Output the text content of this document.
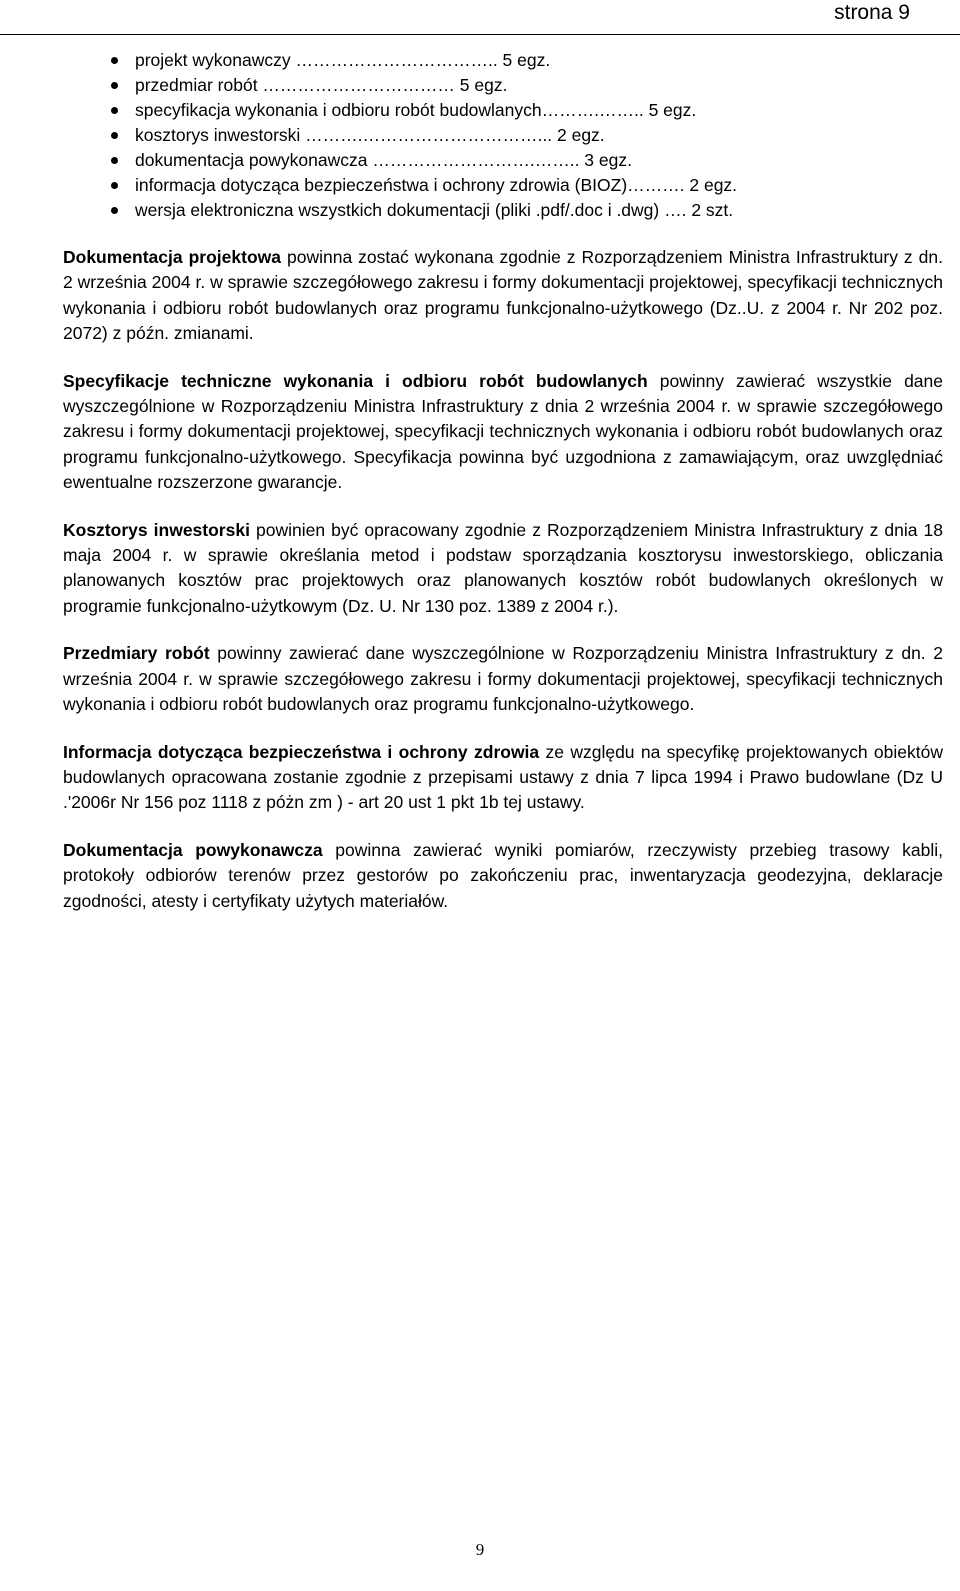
strona 9
projekt wykonawczy …………………………….. 5 egz.
przedmiar robót …………………………… 5 egz.
specyfikacja wykonania i odbioru robót budowlanych……….…….. 5 egz.
kosztorys inwestorski ……….…………………………... 2 egz.
dokumentacja powykonawcza ……………………….…….. 3 egz.
informacja dotycząca bezpieczeństwa i ochrony zdrowia (BIOZ)………. 2 egz.
wersja elektroniczna wszystkich dokumentacji (pliki .pdf/.doc i .dwg) …. 2 szt.

Dokumentacja projektowa powinna zostać wykonana zgodnie z Rozporządzeniem Ministra Infrastruktury z dn. 2 września 2004 r. w sprawie szczegółowego zakresu i formy dokumentacji projektowej, specyfikacji technicznych wykonania i odbioru robót budowlanych oraz programu funkcjonalno-użytkowego (Dz..U. z 2004 r. Nr 202 poz. 2072) z późn. zmianami.

Specyfikacje techniczne wykonania i odbioru robót budowlanych powinny zawierać wszystkie dane wyszczególnione w Rozporządzeniu Ministra Infrastruktury z dnia 2 września 2004 r. w sprawie szczegółowego zakresu i formy dokumentacji projektowej, specyfikacji technicznych wykonania i odbioru robót budowlanych oraz programu funkcjonalno-użytkowego. Specyfikacja powinna być uzgodniona z zamawiającym, oraz uwzględniać ewentualne rozszerzone gwarancje.

Kosztorys inwestorski powinien być opracowany zgodnie z Rozporządzeniem Ministra Infrastruktury z dnia 18 maja 2004 r. w sprawie określania metod i podstaw sporządzania kosztorysu inwestorskiego, obliczania planowanych kosztów prac projektowych oraz planowanych kosztów robót budowlanych określonych w programie funkcjonalno-użytkowym (Dz. U. Nr 130 poz. 1389 z 2004 r.).

Przedmiary robót powinny zawierać dane wyszczególnione w Rozporządzeniu Ministra Infrastruktury z dn. 2 września 2004 r. w sprawie szczegółowego zakresu i formy dokumentacji projektowej, specyfikacji technicznych wykonania i odbioru robót budowlanych oraz programu funkcjonalno-użytkowego.

Informacja dotycząca bezpieczeństwa i ochrony zdrowia ze względu na specyfikę projektowanych obiektów budowlanych opracowana zostanie zgodnie z przepisami ustawy z dnia 7 lipca 1994 i Prawo budowlane (Dz U .'2006r Nr 156 poz 1118 z póżn zm ) - art 20 ust 1 pkt 1b tej ustawy.

Dokumentacja powykonawcza powinna zawierać wyniki pomiarów, rzeczywisty przebieg trasowy kabli, protokoły odbiorów terenów przez gestorów po zakończeniu prac, inwentaryzacja geodezyjna, deklaracje zgodności, atesty i certyfikaty użytych materiałów.

9
